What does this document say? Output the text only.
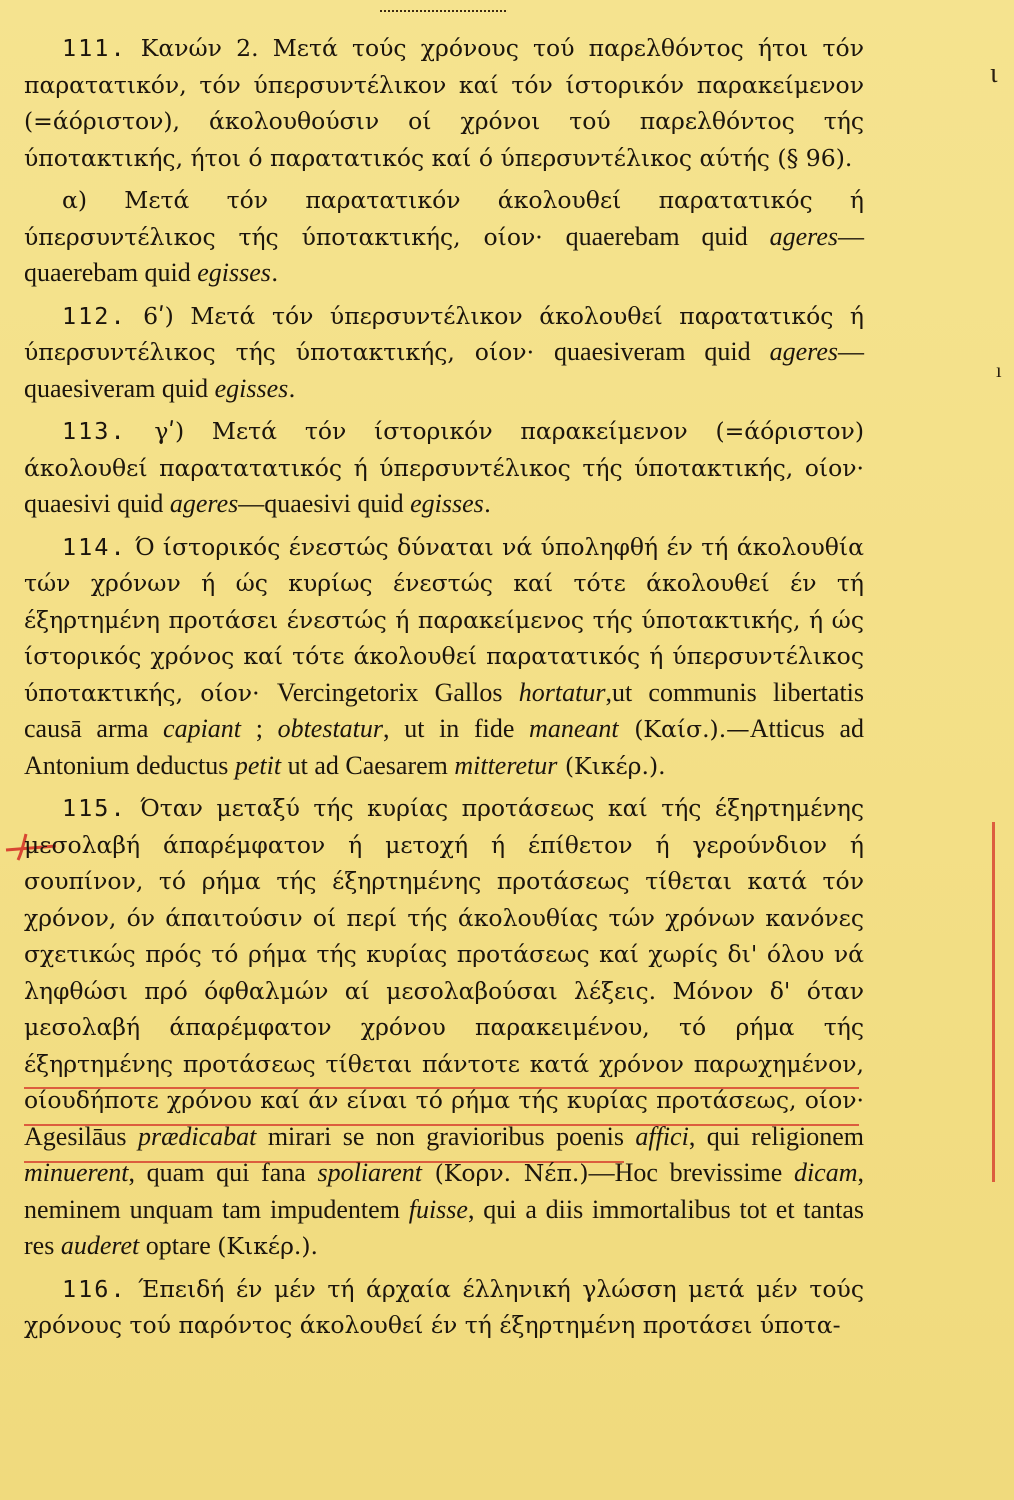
ɩ
ı

111. Κανών 2. Μετά τούς χρόνους τού παρελθόντος ήτοι τόν παρατατικόν, τόν ύπερσυντέλικον καί τόν ίστορικόν παρακείμενον (=άόριστον), άκολουθούσιν οί χρόνοι τού παρελθόντος τής ύποτακτικής, ήτοι ό παρατατικός καί ό ύπερσυντέλικος αύτής (§ 96).

α) Μετά τόν παρατατικόν άκολουθεί παρατατικός ή ύπερσυντέλικος τής ύποτακτικής, οίον· quaerebam quid ageres—quaerebam quid egisses.

112. 6ʹ) Μετά τόν ύπερσυντέλικον άκολουθεί παρατατικός ή ύπερσυντέλικος τής ύποτακτικής, οίον· quaesiveram quid ageres—quaesiveram quid egisses.

113. γʹ) Μετά τόν ίστορικόν παρακείμενον (=άόριστον) άκολουθεί παρατατατικός ή ύπερσυντέλικος τής ύποτακτικής, οίον· quaesivi quid ageres—quaesivi quid egisses.

114. Ό ίστορικός ένεστώς δύναται νά ύποληφθή έν τή άκολουθία τών χρόνων ή ώς κυρίως ένεστώς καί τότε άκολουθεί έν τή έξηρτημένη προτάσει ένεστώς ή παρακείμενος τής ύποτακτικής, ή ώς ίστορικός χρόνος καί τότε άκολουθεί παρατατικός ή ύπερσυντέλικος ύποτακτικής, οίον· Vercingetorix Gallos hortatur,ut communis libertatis causā arma capiant ; obtestatur, ut in fide maneant (Καίσ.).—Atticus ad Antonium deductus petit ut ad Caesarem mitteretur (Κικέρ.).

115. Όταν μεταξύ τής κυρίας προτάσεως καί τής έξηρτημένης μεσολαβή άπαρέμφατον ή μετοχή ή έπίθετον ή γερούνδιον ή σουπίνον, τό ρήμα τής έξηρτημένης προτάσεως τίθεται κατά τόν χρόνον, όν άπαιτούσιν οί περί τής άκολουθίας τών χρόνων κανόνες σχετικώς πρός τό ρήμα τής κυρίας προτάσεως καί χωρίς δι' όλου νά ληφθώσι πρό όφθαλμών αί μεσολαβούσαι λέξεις. Μόνον δ' όταν μεσολαβή άπαρέμφατον χρόνου παρακειμένου, τό ρήμα τής έξηρτημένης προτάσεως τίθεται πάντοτε κατά χρόνον παρωχημένον, οίουδήποτε χρόνου καί άν είναι τό ρήμα τής κυρίας προτάσεως, οίον· Agesilāus prædicabat mirari se non gravioribus poenis affici, qui religionem minuerent, quam qui fana spoliarent (Κορν. Νέπ.)—Hoc brevissime dicam, neminem unquam tam impudentem fuisse, qui a diis immortalibus tot et tantas res auderet optare (Κικέρ.).

116. Έπειδή έν μέν τή άρχαία έλληνική γλώσση μετά μέν τούς χρόνους τού παρόντος άκολουθεί έν τή έξηρτημένη προτάσει ύποτα-
